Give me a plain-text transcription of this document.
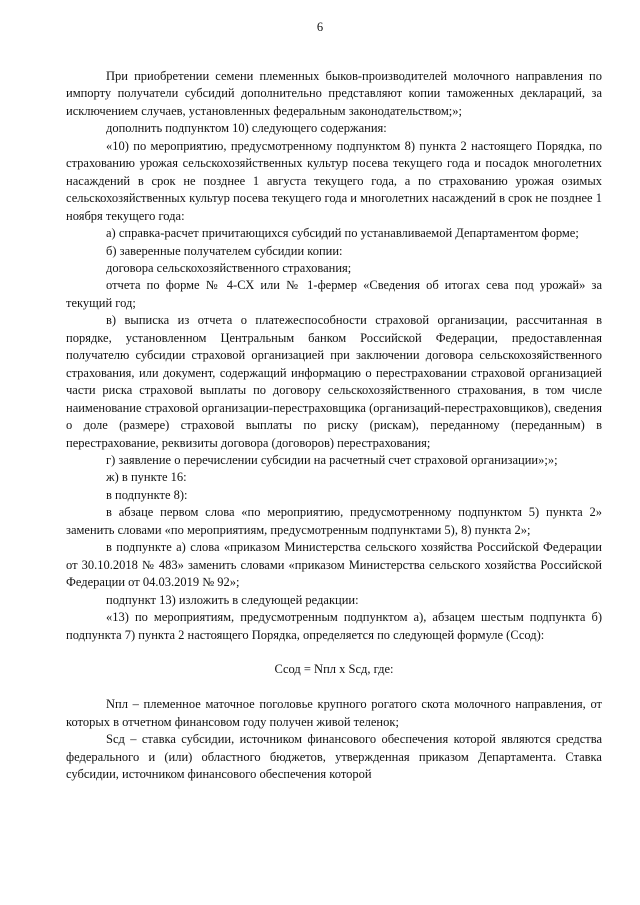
6

При приобретении семени племенных быков-производителей молочного направления по импорту получатели субсидий дополнительно представляют копии таможенных деклараций, за исключением случаев, установленных федеральным законодательством;»;

дополнить подпунктом 10) следующего содержания:

«10) по мероприятию, предусмотренному подпунктом 8) пункта 2 настоящего Порядка, по страхованию урожая сельскохозяйственных культур посева текущего года и посадок многолетних насаждений в срок не позднее 1 августа текущего года, а по страхованию урожая озимых сельскохозяйственных культур посева текущего года и многолетних насаждений в срок не позднее 1 ноября текущего года:

а) справка-расчет причитающихся субсидий по устанавливаемой Департаментом форме;

б) заверенные получателем субсидии копии:

договора сельскохозяйственного страхования;

отчета по форме № 4-СХ или № 1-фермер «Сведения об итогах сева под урожай» за текущий год;

в) выписка из отчета о платежеспособности страховой организации, рассчитанная в порядке, установленном Центральным банком Российской Федерации, предоставленная получателю субсидии страховой организацией при заключении договора сельскохозяйственного страхования, или документ, содержащий информацию о перестраховании страховой организацией части риска страховой выплаты по договору сельскохозяйственного страхования, в том числе наименование страховой организации-перестраховщика (организаций-перестраховщиков), сведения о доле (размере) страховой выплаты по риску (рискам), переданному (переданным) в перестрахование, реквизиты договора (договоров) перестрахования;

г) заявление о перечислении субсидии на расчетный счет страховой организации»;»;

ж) в пункте 16:

в подпункте 8):

в абзаце первом слова «по мероприятию, предусмотренному подпунктом 5) пункта 2» заменить словами «по мероприятиям, предусмотренным подпунктами 5), 8) пункта 2»;

в подпункте а) слова «приказом Министерства сельского хозяйства Российской Федерации от 30.10.2018 № 483» заменить словами «приказом Министерства сельского хозяйства Российской Федерации от 04.03.2019 № 92»;

подпункт 13) изложить в следующей редакции:

«13) по мероприятиям, предусмотренным подпунктом а), абзацем шестым подпункта б) подпункта 7) пункта 2 настоящего Порядка, определяется по следующей формуле (Ссод):

Ссод = Nпл х Sсд, где:

Nпл – племенное маточное поголовье крупного рогатого скота молочного направления, от которых в отчетном финансовом году получен живой теленок;

Sсд – ставка субсидии, источником финансового обеспечения которой являются средства федерального и (или) областного бюджетов, утвержденная приказом Департамента. Ставка субсидии, источником финансового обеспечения которой
